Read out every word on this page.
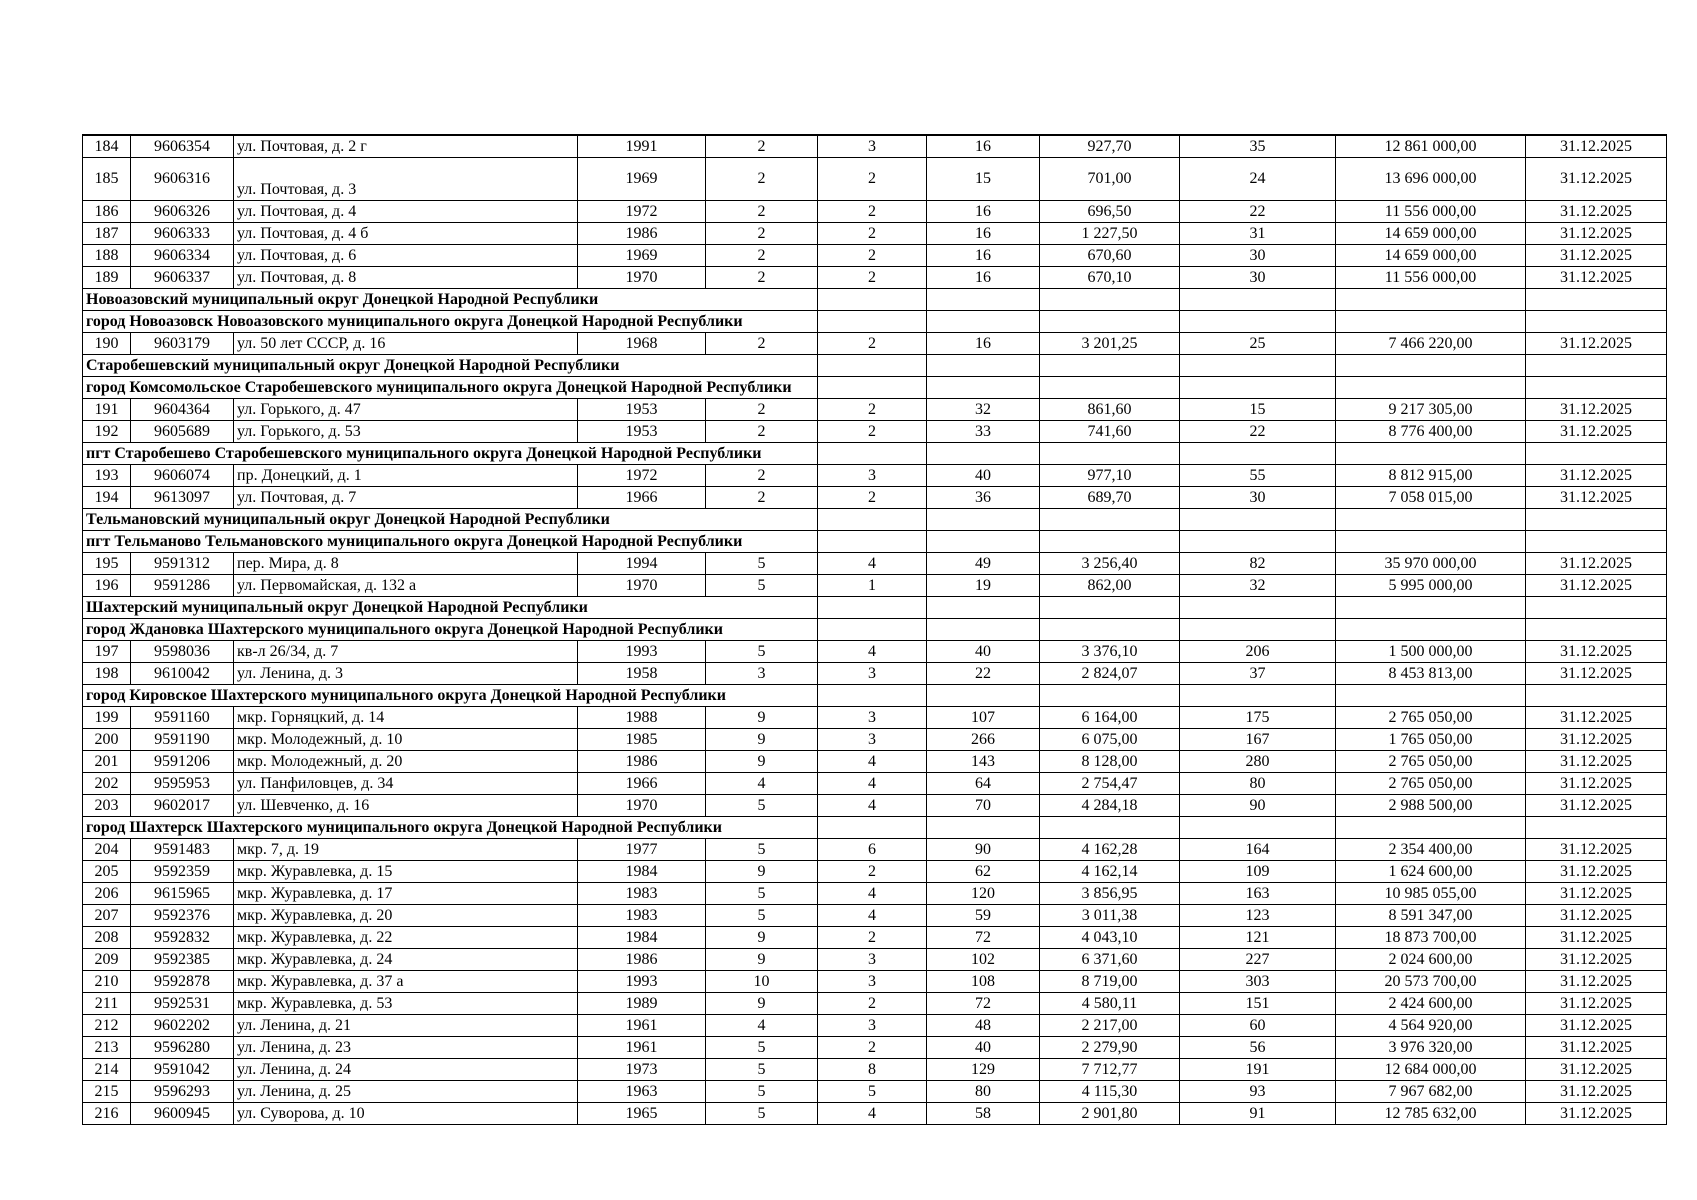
184	9606354	ул. Почтовая, д. 2 г	1991	2	3	16	927,70	35	12 861 000,00	31.12.2025
185	9606316	ул. Почтовая, д. 3	1969	2	2	15	701,00	24	13 696 000,00	31.12.2025
186	9606326	ул. Почтовая, д. 4	1972	2	2	16	696,50	22	11 556 000,00	31.12.2025
187	9606333	ул. Почтовая, д. 4 б	1986	2	2	16	1 227,50	31	14 659 000,00	31.12.2025
188	9606334	ул. Почтовая, д. 6	1969	2	2	16	670,60	30	14 659 000,00	31.12.2025
189	9606337	ул. Почтовая, д. 8	1970	2	2	16	670,10	30	11 556 000,00	31.12.2025
Новоазовский муниципальный округ Донецкой Народной Республики										
город Новоазовск Новоазовского муниципального округа Донецкой Народной Республики										
190	9603179	ул. 50 лет СССР, д. 16	1968	2	2	16	3 201,25	25	7 466 220,00	31.12.2025
Старобешевский муниципальный округ Донецкой Народной Республики										
город Комсомольское Старобешевского муниципального округа Донецкой Народной Республики										
191	9604364	ул. Горького, д. 47	1953	2	2	32	861,60	15	9 217 305,00	31.12.2025
192	9605689	ул. Горького, д. 53	1953	2	2	33	741,60	22	8 776 400,00	31.12.2025
пгт Старобешево Старобешевского муниципального округа Донецкой Народной Республики										
193	9606074	пр. Донецкий, д. 1	1972	2	3	40	977,10	55	8 812 915,00	31.12.2025
194	9613097	ул. Почтовая, д. 7	1966	2	2	36	689,70	30	7 058 015,00	31.12.2025
Тельмановский муниципальный округ Донецкой Народной Республики										
пгт Тельманово Тельмановского муниципального округа Донецкой Народной Республики										
195	9591312	пер. Мира, д. 8	1994	5	4	49	3 256,40	82	35 970 000,00	31.12.2025
196	9591286	ул. Первомайская, д. 132 а	1970	5	1	19	862,00	32	5 995 000,00	31.12.2025
Шахтерский муниципальный округ Донецкой Народной Республики										
город Ждановка Шахтерского муниципального округа Донецкой Народной Республики										
197	9598036	кв-л 26/34, д. 7	1993	5	4	40	3 376,10	206	1 500 000,00	31.12.2025
198	9610042	ул. Ленина, д. 3	1958	3	3	22	2 824,07	37	8 453 813,00	31.12.2025
город Кировское Шахтерского муниципального округа Донецкой Народной Республики										
199	9591160	мкр. Горняцкий, д. 14	1988	9	3	107	6 164,00	175	2 765 050,00	31.12.2025
200	9591190	мкр. Молодежный, д. 10	1985	9	3	266	6 075,00	167	1 765 050,00	31.12.2025
201	9591206	мкр. Молодежный, д. 20	1986	9	4	143	8 128,00	280	2 765 050,00	31.12.2025
202	9595953	ул. Панфиловцев, д. 34	1966	4	4	64	2 754,47	80	2 765 050,00	31.12.2025
203	9602017	ул. Шевченко, д. 16	1970	5	4	70	4 284,18	90	2 988 500,00	31.12.2025
город Шахтерск Шахтерского муниципального округа Донецкой Народной Республики										
204	9591483	мкр. 7, д. 19	1977	5	6	90	4 162,28	164	2 354 400,00	31.12.2025
205	9592359	мкр. Журавлевка, д. 15	1984	9	2	62	4 162,14	109	1 624 600,00	31.12.2025
206	9615965	мкр. Журавлевка, д. 17	1983	5	4	120	3 856,95	163	10 985 055,00	31.12.2025
207	9592376	мкр. Журавлевка, д. 20	1983	5	4	59	3 011,38	123	8 591 347,00	31.12.2025
208	9592832	мкр. Журавлевка, д. 22	1984	9	2	72	4 043,10	121	18 873 700,00	31.12.2025
209	9592385	мкр. Журавлевка, д. 24	1986	9	3	102	6 371,60	227	2 024 600,00	31.12.2025
210	9592878	мкр. Журавлевка, д. 37 а	1993	10	3	108	8 719,00	303	20 573 700,00	31.12.2025
211	9592531	мкр. Журавлевка, д. 53	1989	9	2	72	4 580,11	151	2 424 600,00	31.12.2025
212	9602202	ул. Ленина, д. 21	1961	4	3	48	2 217,00	60	4 564 920,00	31.12.2025
213	9596280	ул. Ленина, д. 23	1961	5	2	40	2 279,90	56	3 976 320,00	31.12.2025
214	9591042	ул. Ленина, д. 24	1973	5	8	129	7 712,77	191	12 684 000,00	31.12.2025
215	9596293	ул. Ленина, д. 25	1963	5	5	80	4 115,30	93	7 967 682,00	31.12.2025
216	9600945	ул. Суворова, д. 10	1965	5	4	58	2 901,80	91	12 785 632,00	31.12.2025
